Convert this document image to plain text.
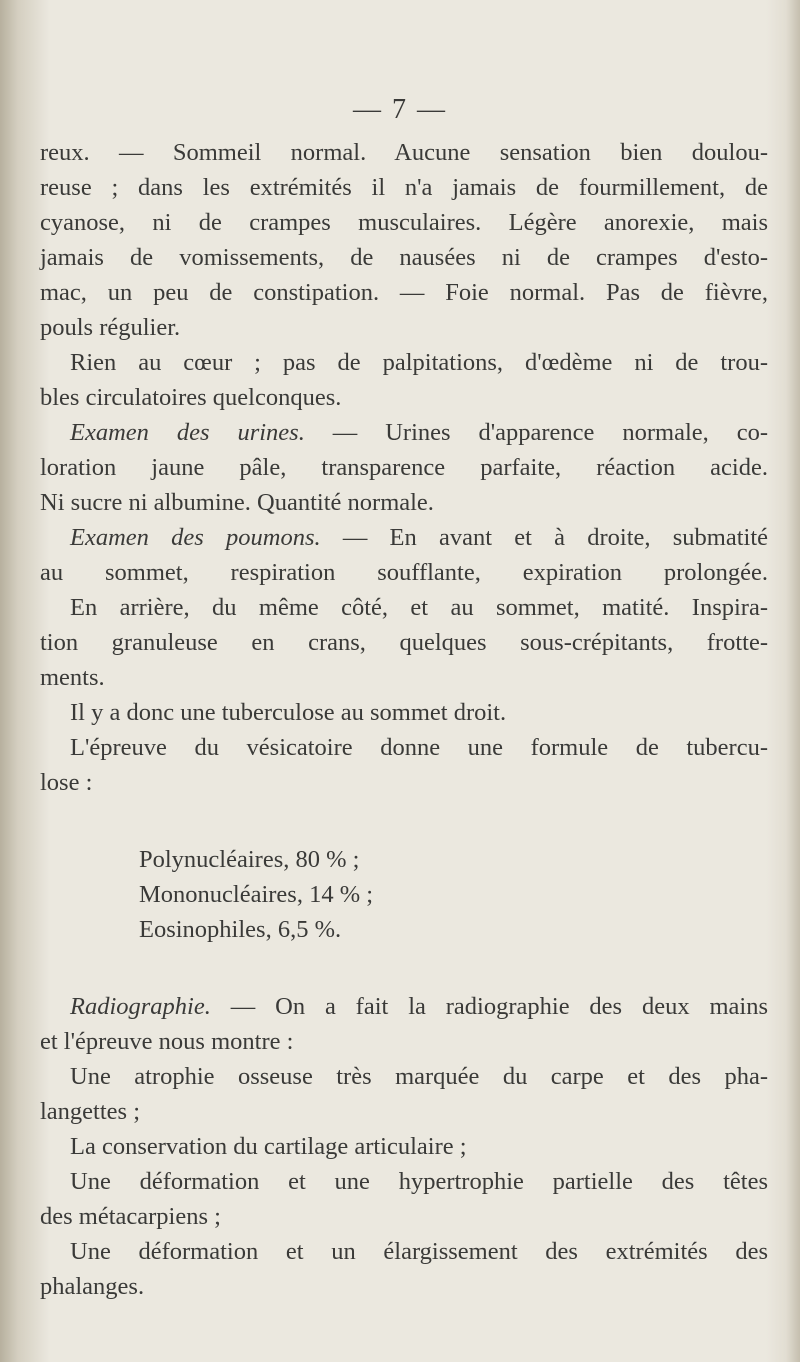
— 7 —
reux. — Sommeil normal. Aucune sensation bien doulou-
reuse ; dans les extrémités il n'a jamais de fourmillement, de
cyanose, ni de crampes musculaires. Légère anorexie, mais
jamais de vomissements, de nausées ni de crampes d'esto-
mac, un peu de constipation. — Foie normal. Pas de fièvre,
pouls régulier.
Rien au cœur ; pas de palpitations, d'œdème ni de trou-
bles circulatoires quelconques.
Examen des urines. — Urines d'apparence normale, co-
loration jaune pâle, transparence parfaite, réaction acide.
Ni sucre ni albumine. Quantité normale.
Examen des poumons. — En avant et à droite, submatité
au sommet, respiration soufflante, expiration prolongée.
En arrière, du même côté, et au sommet, matité. Inspira-
tion granuleuse en crans, quelques sous-crépitants, frotte-
ments.
Il y a donc une tuberculose au sommet droit.
L'épreuve du vésicatoire donne une formule de tubercu-
lose :
Polynucléaires, 80 % ;
Mononucléaires, 14 % ;
Eosinophiles, 6,5 %.
Radiographie. — On a fait la radiographie des deux mains
et l'épreuve nous montre :
Une atrophie osseuse très marquée du carpe et des pha-
langettes ;
La conservation du cartilage articulaire ;
Une déformation et une hypertrophie partielle des têtes
des métacarpiens ;
Une déformation et un élargissement des extrémités des
phalanges.
